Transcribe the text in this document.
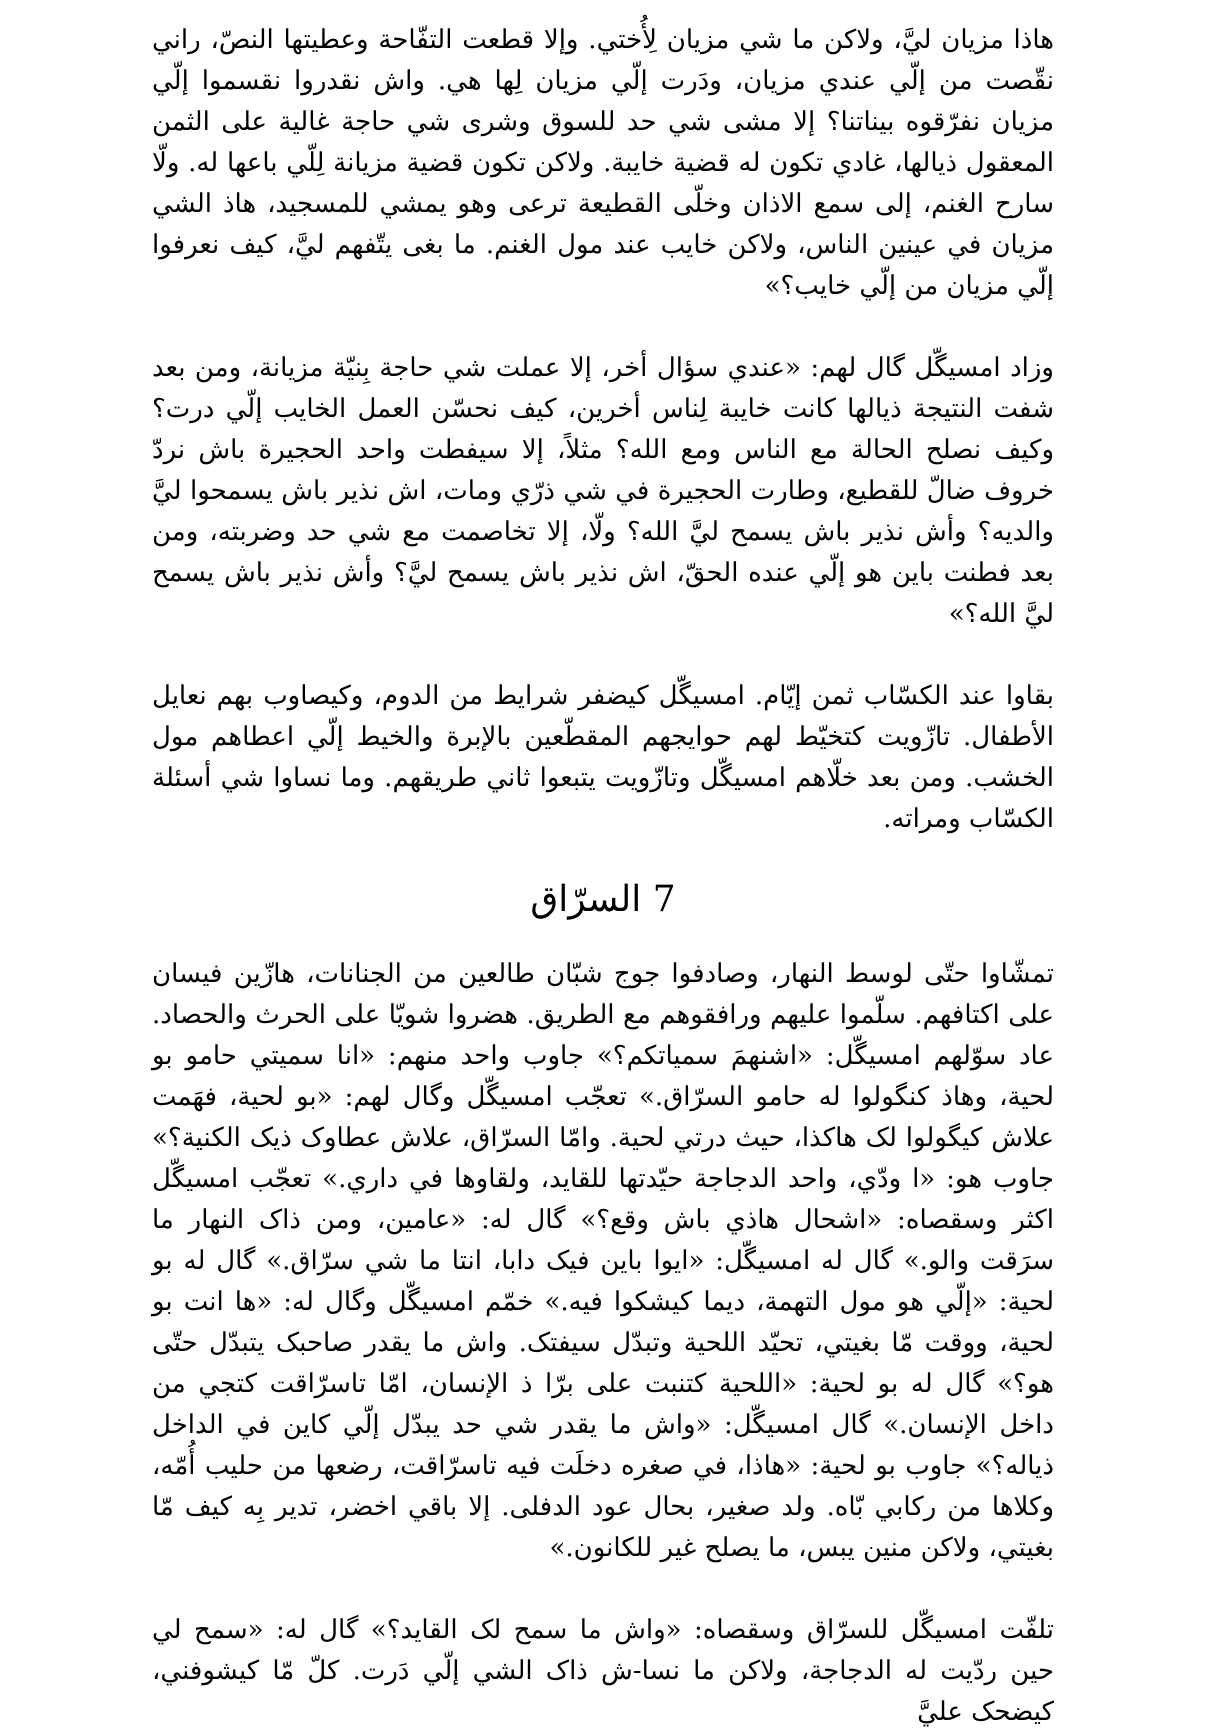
هاذا مزيان ليَّ، ولاكن ما شي مزيان لِأُختي. وإلا قطعت التفّاحة وعطيتها النصّ، راني نقّصت من إلّي عندي مزيان، ودَرت إلّي مزيان لِها هي. واش نقدروا نقسموا إلّي مزيان نفرّقوه بيناتنا؟ إلا مشى شي حد للسوق وشرى شي حاجة غالية على الثمن المعقول ذيالها، غادي تكون له قضية خايبة. ولاكن تكون قضية مزيانة لِلّي باعها له. ولّا سارح الغنم، إلى سمع الاذان وخلّى القطيعة ترعى وهو يمشي للمسجيد، هاذ الشي مزيان في عينين الناس، ولاكن خايب عند مول الغنم. ما بغى يتّفهم ليَّ، كيف نعرفوا إلّي مزيان من إلّي خايب؟»

وزاد امسيگّل گال لهم: «عندي سؤال أخر، إلا عملت شي حاجة بِنيّة مزيانة، ومن بعد شفت النتيجة ذيالها كانت خايبة لِناس أخرين، كيف نحسّن العمل الخايب إلّي درت؟ وكيف نصلح الحالة مع الناس ومع الله؟ مثلاً، إلا سيفطت واحد الحجيرة باش نردّ خروف ضالّ للقطيع، وطارت الحجيرة في شي ذرّي ومات، اش نذير باش يسمحوا ليَّ والديه؟ وأش نذير باش يسمح ليَّ الله؟ ولّا، إلا تخاصمت مع شي حد وضربته، ومن بعد فطنت باين هو إلّي عنده الحقّ، اش نذير باش يسمح ليَّ؟ وأش نذير باش يسمح ليَّ الله؟»

بقاوا عند الكسّاب ثمن إيّام. امسيگّل كيضفر شرايط من الدوم، وكيصاوب بهم نعايل الأطفال. تازّويت كتخيّط لهم حوايجهم المقطّعين بالإبرة والخيط إلّي اعطاهم مول الخشب. ومن بعد خلّاهم امسيگّل وتازّويت يتبعوا ثاني طريقهم. وما نساوا شي أسئلة الكسّاب ومراته.

7 السرّاق

تمشّاوا حتّى لوسط النهار، وصادفوا جوج شبّان طالعين من الجنانات، هازّين فيسان على اكتافهم. سلّموا عليهم ورافقوهم مع الطريق. هضروا شويّا على الحرث والحصاد. عاد سوّلهم امسيگّل: «اشنهمَ سمياتكم؟» جاوب واحد منهم: «انا سميتي حامو بو لحية، وهاذ كنگولوا له حامو السرّاق.» تعجّب امسيگّل وگال لهم: «بو لحية، فهَمت علاش كيگولوا لک هاكذا، حيث درتي لحية. وامّا السرّاق، علاش عطاوک ذيک الكنية؟» جاوب هو: «ا ودّي، واحد الدجاجة حيّدتها للقايد، ولقاوها في داري.» تعجّب امسيگّل اكثر وسقصاه: «اشحال هاذي باش وقع؟» گال له: «عامين، ومن ذاک النهار ما سرَقت والو.» گال له امسيگّل: «ايوا باين فيک دابا، انتا ما شي سرّاق.» گال له بو لحية: «إلّي هو مول التهمة، ديما كيشكوا فيه.» خمّم امسيگّل وگال له: «ها انت بو لحية، ووقت مّا بغيتي، تحيّد اللحية وتبدّل سيفتک. واش ما يقدر صاحبک يتبدّل حتّى هو؟» گال له بو لحية: «اللحية كتنبت على برّا ذ الإنسان، امّا تاسرّاقت كتجي من داخل الإنسان.» گال امسيگّل: «واش ما يقدر شي حد يبدّل إلّي كاين في الداخل ذياله؟» جاوب بو لحية: «هاذا، في صغره دخلَت فيه تاسرّاقت، رضعها من حليب أُمّه، وكلاها من ركابي بّاه. ولد صغير، بحال عود الدفلى. إلا باقي اخضر، تدير بِه كيف مّا بغيتي، ولاكن منين يبس، ما يصلح غير للكانون.»

تلفّت امسيگّل للسرّاق وسقصاه: «واش ما سمح لک القايد؟» گال له: «سمح لي حين ردّيت له الدجاجة، ولاكن ما نسا-ش ذاک الشي إلّي دَرت. كلّ مّا كيشوفني، كيضحک عليَّ
